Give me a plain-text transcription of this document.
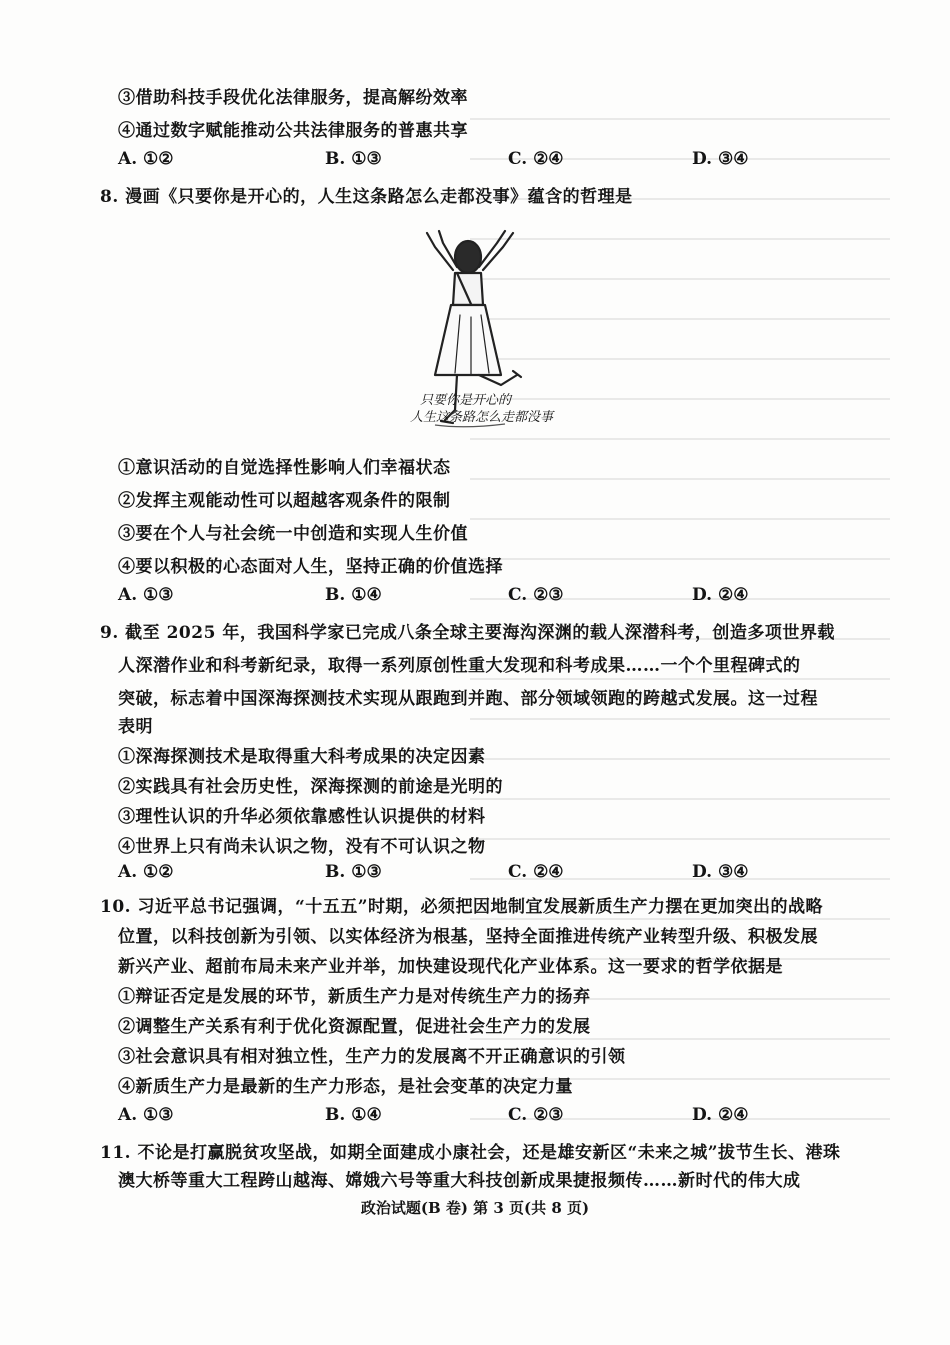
③借助科技手段优化法律服务，提高解纷效率
④通过数字赋能推动公共法律服务的普惠共享
A. ①②	B. ①③	C. ②④	D. ③④
8. 漫画《只要你是开心的，人生这条路怎么走都没事》蕴含的哲理是
只要你是开心的
人生这条路怎么走都没事
①意识活动的自觉选择性影响人们幸福状态
②发挥主观能动性可以超越客观条件的限制
③要在个人与社会统一中创造和实现人生价值
④要以积极的心态面对人生，坚持正确的价值选择
A. ①③	B. ①④	C. ②③	D. ②④
9. 截至 2025 年，我国科学家已完成八条全球主要海沟深渊的载人深潜科考，创造多项世界载
人深潜作业和科考新纪录，取得一系列原创性重大发现和科考成果……一个个里程碑式的
突破，标志着中国深海探测技术实现从跟跑到并跑、部分领域领跑的跨越式发展。这一过程
表明
①深海探测技术是取得重大科考成果的决定因素
②实践具有社会历史性，深海探测的前途是光明的
③理性认识的升华必须依靠感性认识提供的材料
④世界上只有尚未认识之物，没有不可认识之物
A. ①②	B. ①③	C. ②④	D. ③④
10. 习近平总书记强调，“十五五”时期，必须把因地制宜发展新质生产力摆在更加突出的战略
位置，以科技创新为引领、以实体经济为根基，坚持全面推进传统产业转型升级、积极发展
新兴产业、超前布局未来产业并举，加快建设现代化产业体系。这一要求的哲学依据是
①辩证否定是发展的环节，新质生产力是对传统生产力的扬弃
②调整生产关系有利于优化资源配置，促进社会生产力的发展
③社会意识具有相对独立性，生产力的发展离不开正确意识的引领
④新质生产力是最新的生产力形态，是社会变革的决定力量
A. ①③	B. ①④	C. ②③	D. ②④
11. 不论是打赢脱贫攻坚战，如期全面建成小康社会，还是雄安新区“未来之城”拔节生长、港珠
澳大桥等重大工程跨山越海、嫦娥六号等重大科技创新成果捷报频传……新时代的伟大成
政治试题(B 卷) 第 3 页(共 8 页)
